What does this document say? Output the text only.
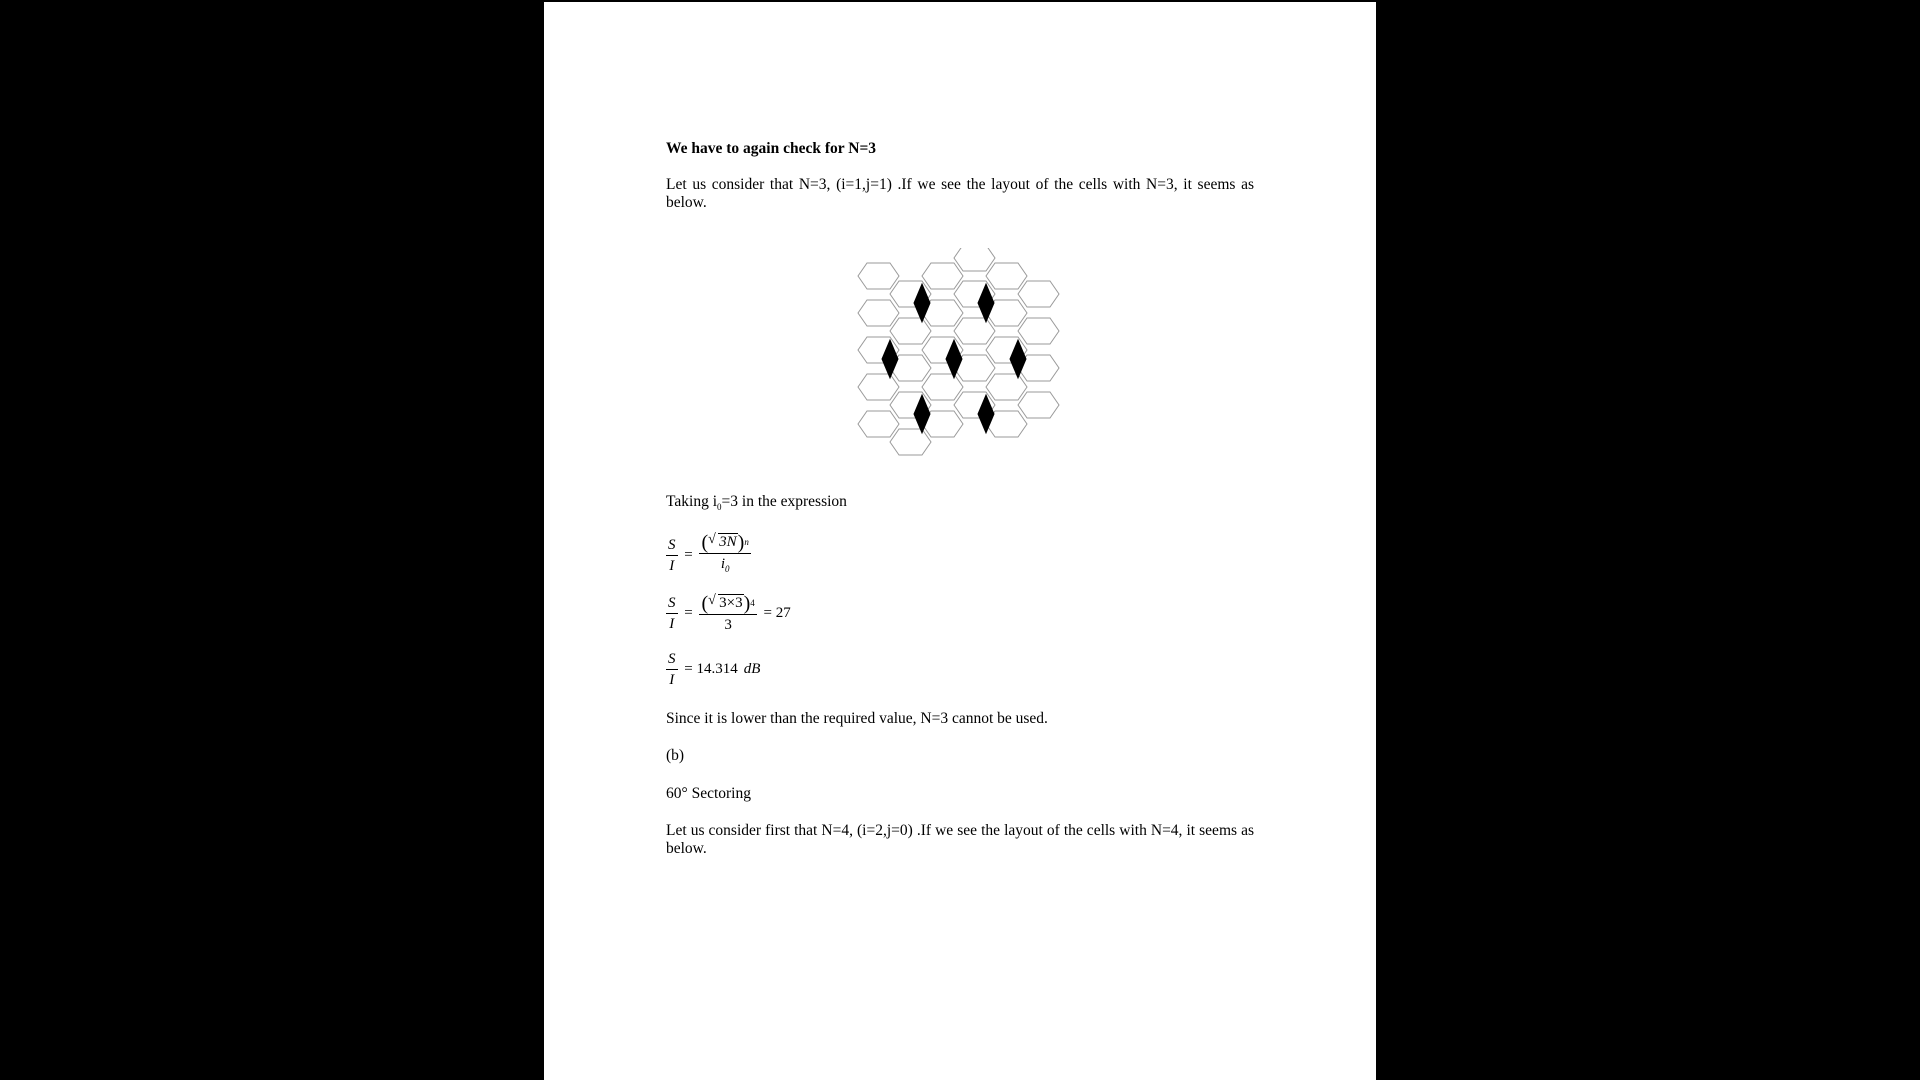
We have to again check for N=3
Let us consider that N=3, (i=1,j=1) .If we see the layout of the cells with N=3, it seems as below.
Taking $i_0=3$ in the expression
$\frac{S}{I} = \frac{( √ 3N)^n}{i_0}$
$\frac{S}{I} = \frac{( √ 3\times 3)^4}{3} = 27$
$\frac{S}{I} = 14.314$ dB
Since it is lower than the required value, N=3 cannot be used.
(b)
60° Sectoring
Let us consider first that N=4, (i=2,j=0) .If we see the layout of the cells with N=4, it seems as below.
